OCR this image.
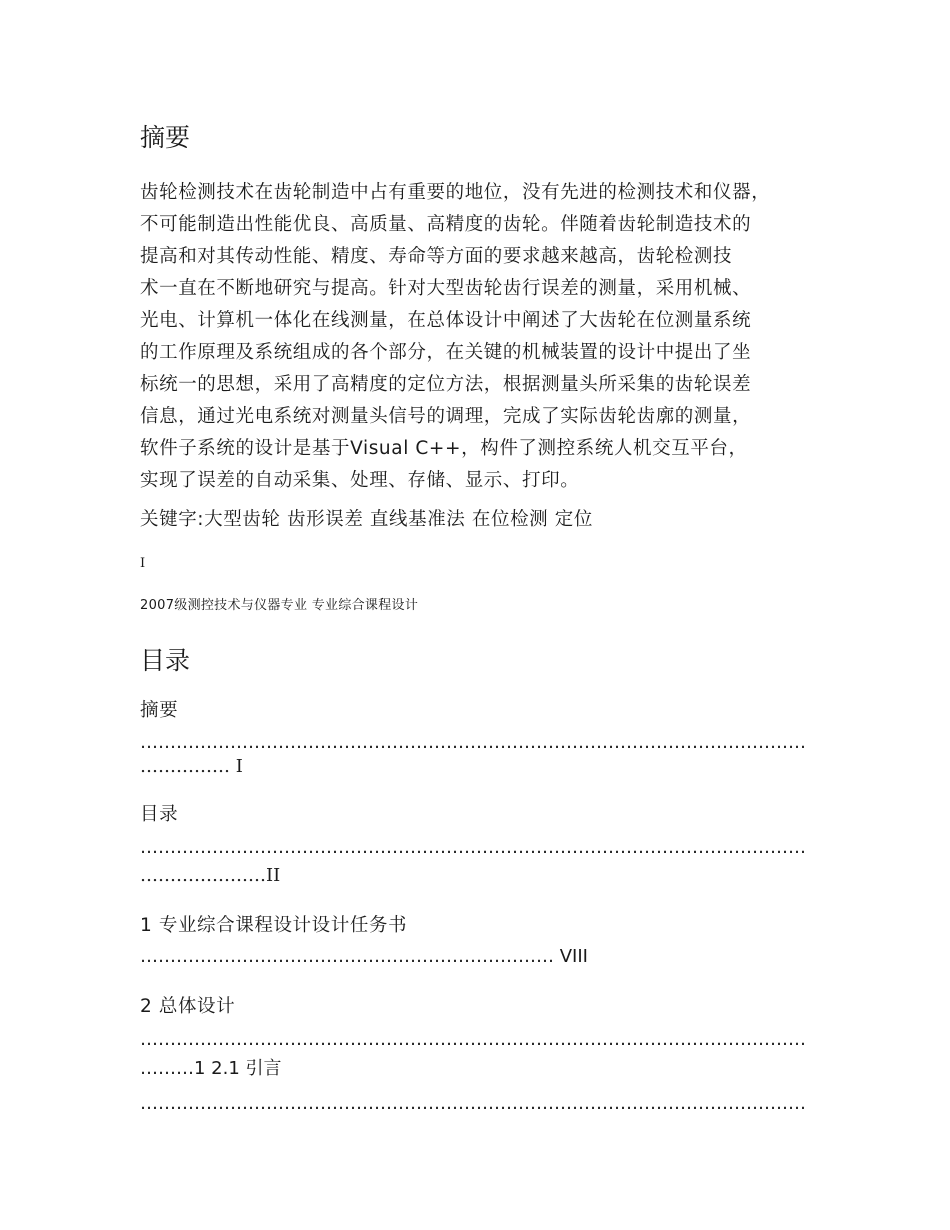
摘要
齿轮检测技术在齿轮制造中占有重要的地位，没有先进的检测技术和仪器，
不可能制造出性能优良、高质量、高精度的齿轮。伴随着齿轮制造技术的
提高和对其传动性能、精度、寿命等方面的要求越来越高，齿轮检测技
术一直在不断地研究与提高。针对大型齿轮齿行误差的测量，采用机械、
光电、计算机一体化在线测量，在总体设计中阐述了大齿轮在位测量系统
的工作原理及系统组成的各个部分，在关键的机械装置的设计中提出了坐
标统一的思想，采用了高精度的定位方法，根据测量头所采集的齿轮误差
信息，通过光电系统对测量头信号的调理，完成了实际齿轮齿廓的测量，
软件子系统的设计是基于Visual C++，构件了测控系统人机交互平台，
实现了误差的自动采集、处理、存储、显示、打印。
关键字:大型齿轮 齿形误差 直线基准法 在位检测 定位
I
2007级测控技术与仪器专业 专业综合课程设计
目录
摘要
…………………………………………………………………………………………………
…………… I
目录
…………………………………………………………………………………………………
…………………II
1 专业综合课程设计设计任务书
…………………………………………………………… VIII
2 总体设计
…………………………………………………………………………………………………
………1 2.1 引言
…………………………………………………………………………………………………
